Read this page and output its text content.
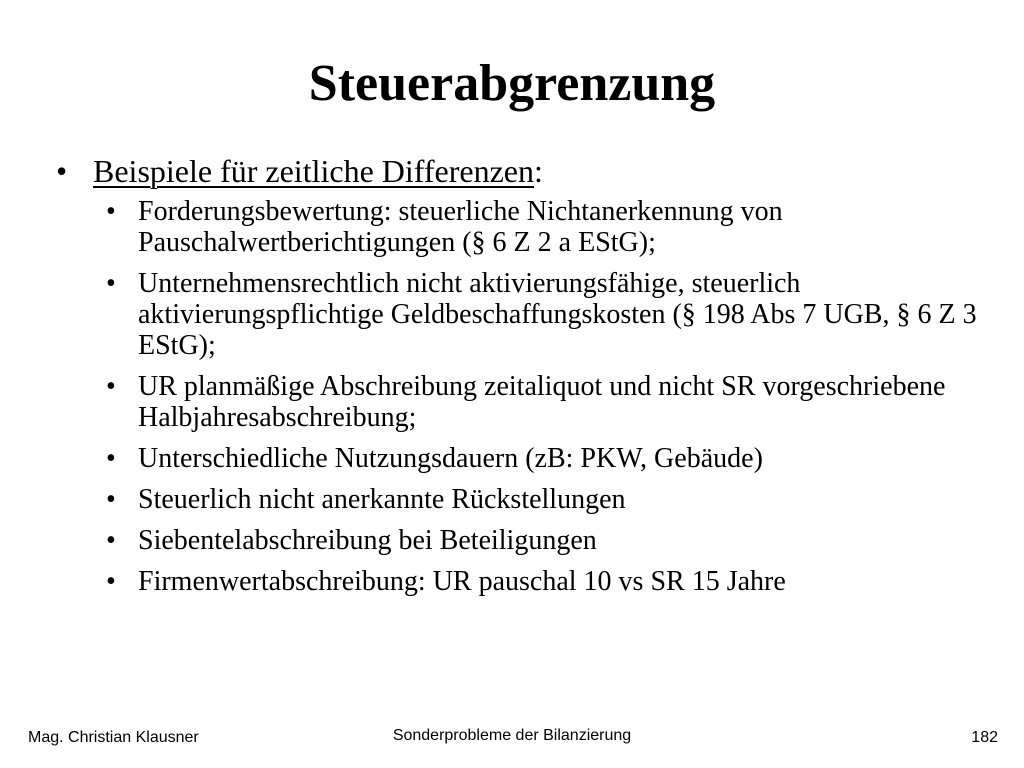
Steuerabgrenzung
• Beispiele für zeitliche Differenzen:
• Forderungsbewertung: steuerliche Nichtanerkennung von Pauschalwertberichtigungen (§ 6 Z 2 a EStG);
• Unternehmensrechtlich nicht aktivierungsfähige, steuerlich aktivierungspflichtige Geldbeschaffungskosten (§ 198 Abs 7 UGB, § 6 Z 3 EStG);
• UR planmäßige Abschreibung zeitaliquot und nicht SR vorgeschriebene Halbjahresabschreibung;
• Unterschiedliche Nutzungsdauern (zB: PKW, Gebäude)
• Steuerlich nicht anerkannte Rückstellungen
• Siebentelabschreibung bei Beteiligungen
• Firmenwertabschreibung: UR pauschal 10 vs SR 15 Jahre
Mag. Christian Klausner	Sonderprobleme der Bilanzierung	182
